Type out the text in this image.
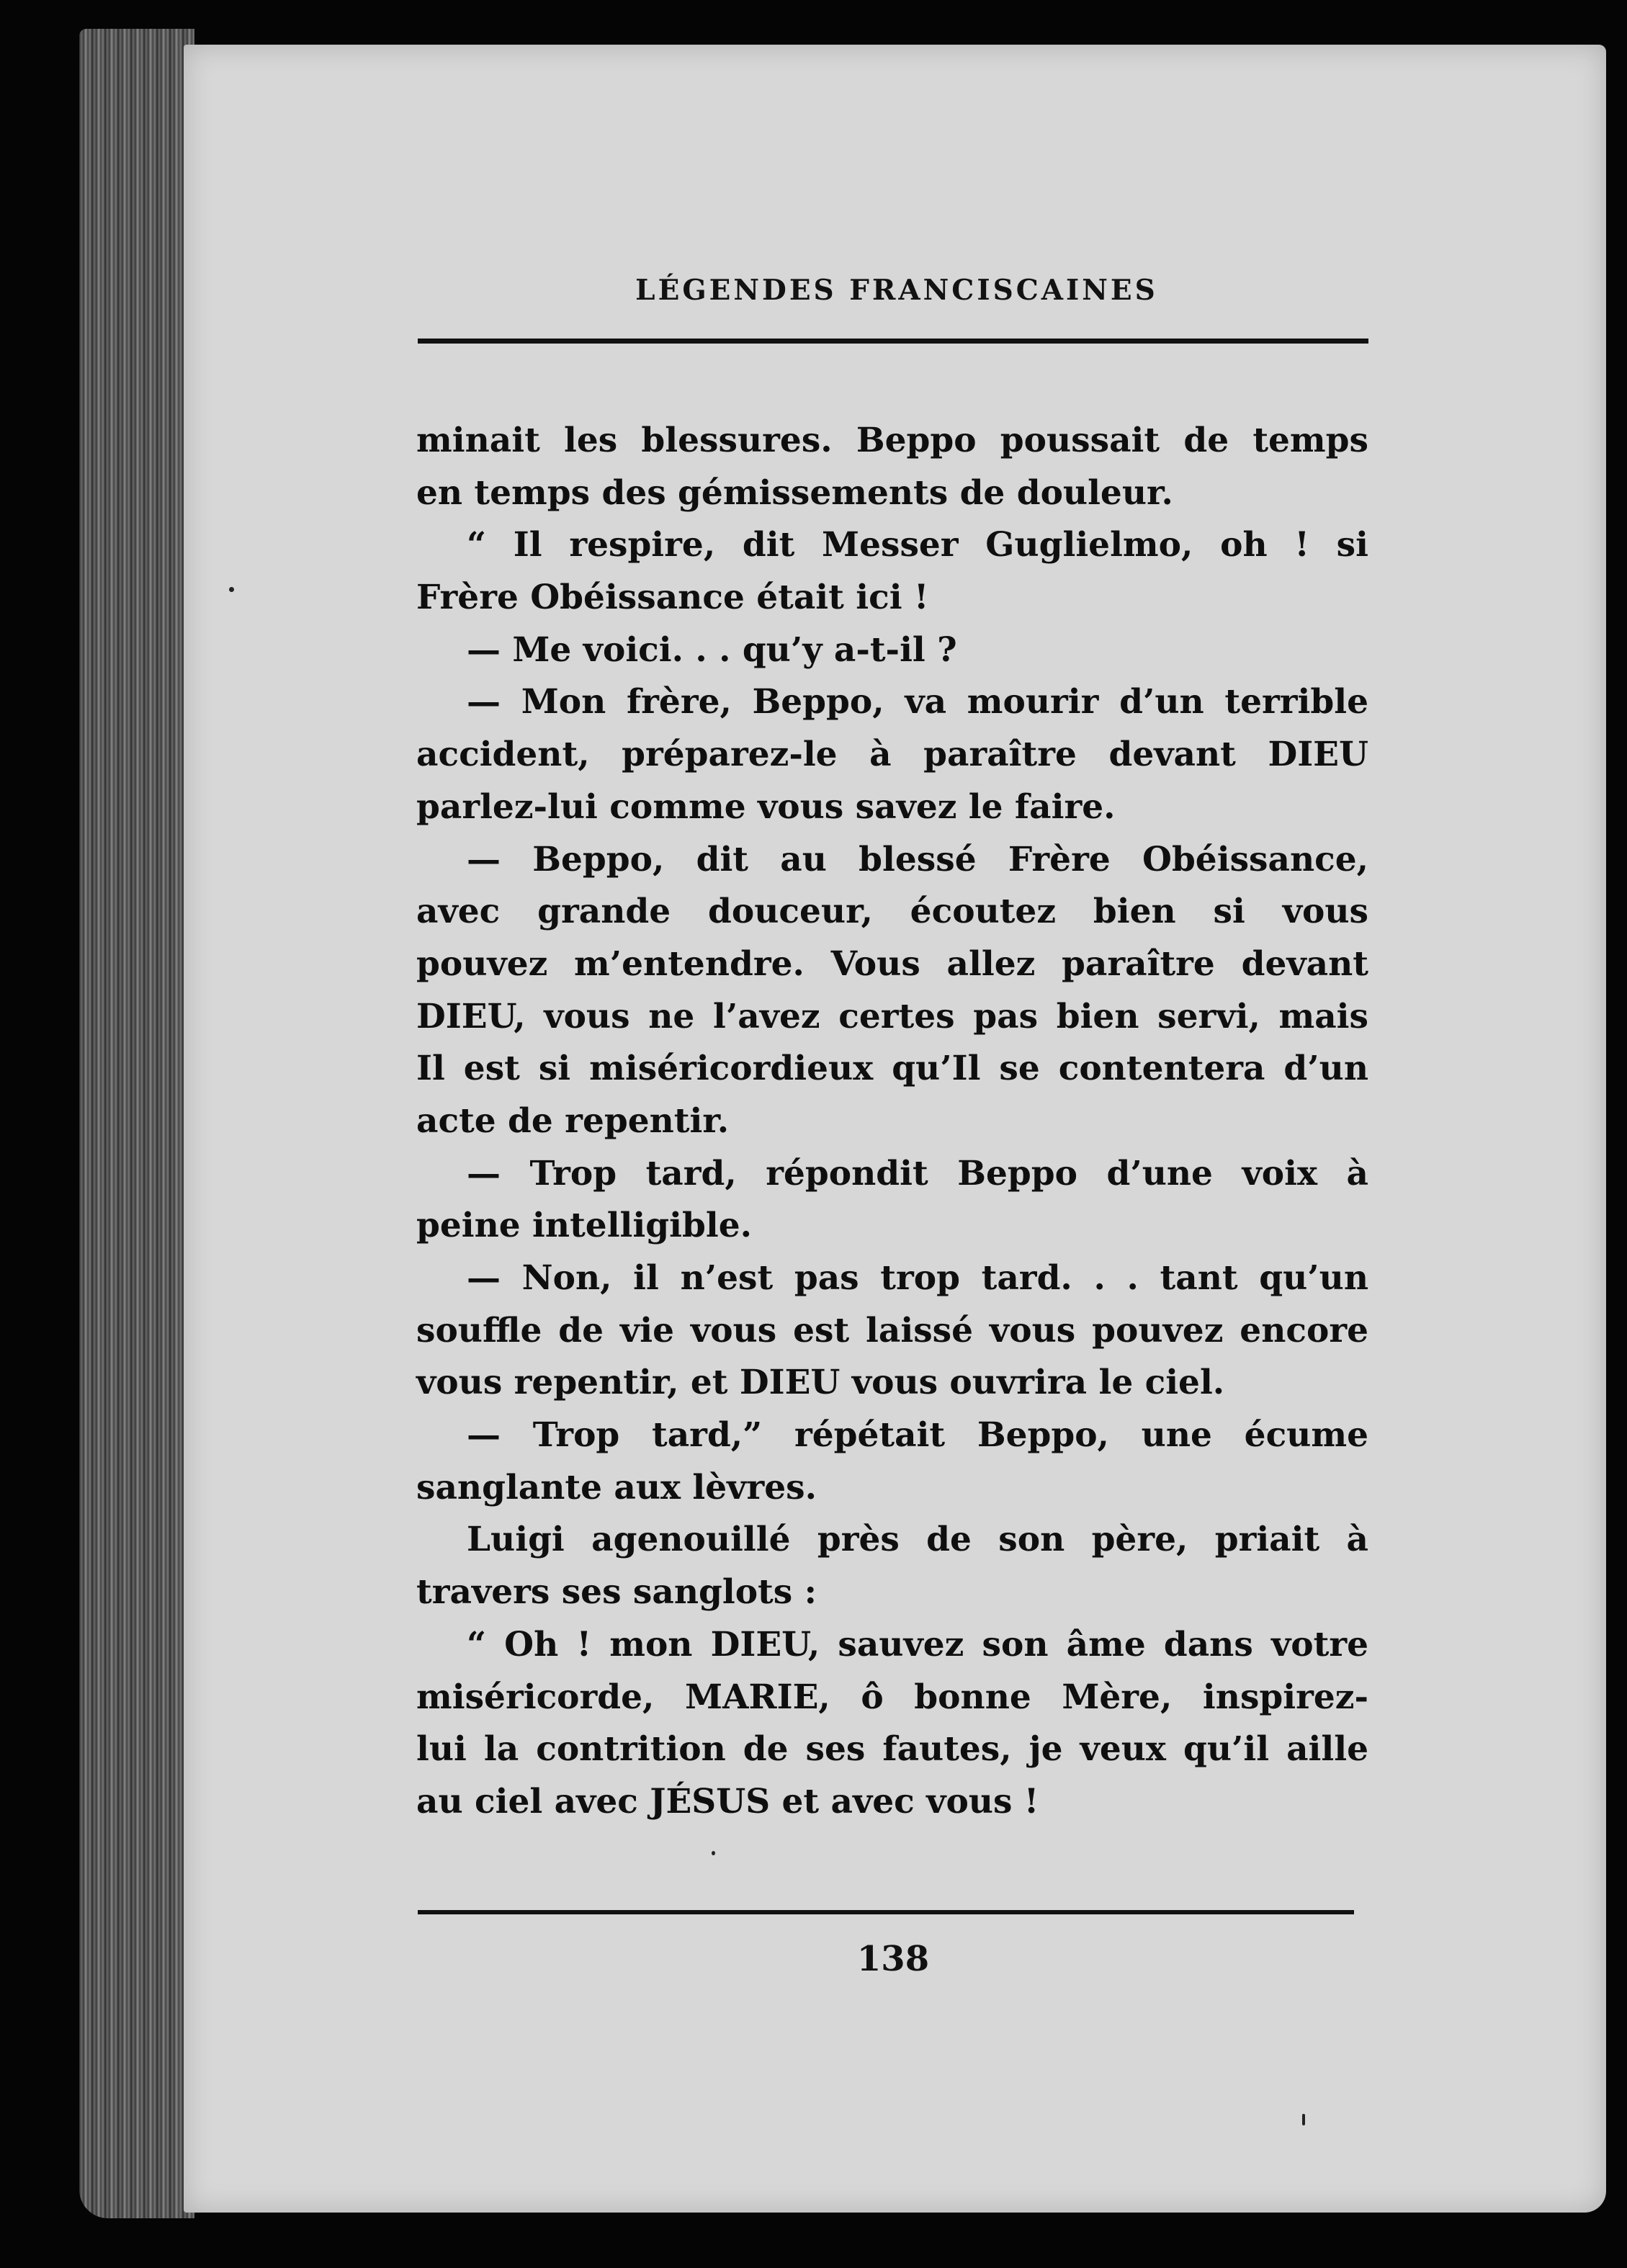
LÉGENDES FRANCISCAINES
minait les blessures. Beppo poussait de temps
en temps des gémissements de douleur.
“ Il respire, dit Messer Guglielmo, oh ! si
Frère Obéissance était ici !
— Me voici. . . qu’y a-t-il ?
— Mon frère, Beppo, va mourir d’un terrible
accident, préparez-le à paraître devant DIEU
parlez-lui comme vous savez le faire.
— Beppo, dit au blessé Frère Obéissance,
avec grande douceur, écoutez bien si vous
pouvez m’entendre. Vous allez paraître devant
DIEU, vous ne l’avez certes pas bien servi, mais
Il est si miséricordieux qu’Il se contentera d’un
acte de repentir.
— Trop tard, répondit Beppo d’une voix à
peine intelligible.
— Non, il n’est pas trop tard. . . tant qu’un
souffle de vie vous est laissé vous pouvez encore
vous repentir, et DIEU vous ouvrira le ciel.
— Trop tard,” répétait Beppo, une écume
sanglante aux lèvres.
Luigi agenouillé près de son père, priait à
travers ses sanglots :
“ Oh ! mon DIEU, sauvez son âme dans votre
miséricorde, MARIE, ô bonne Mère, inspirez-
lui la contrition de ses fautes, je veux qu’il aille
au ciel avec JÉSUS et avec vous !
138
